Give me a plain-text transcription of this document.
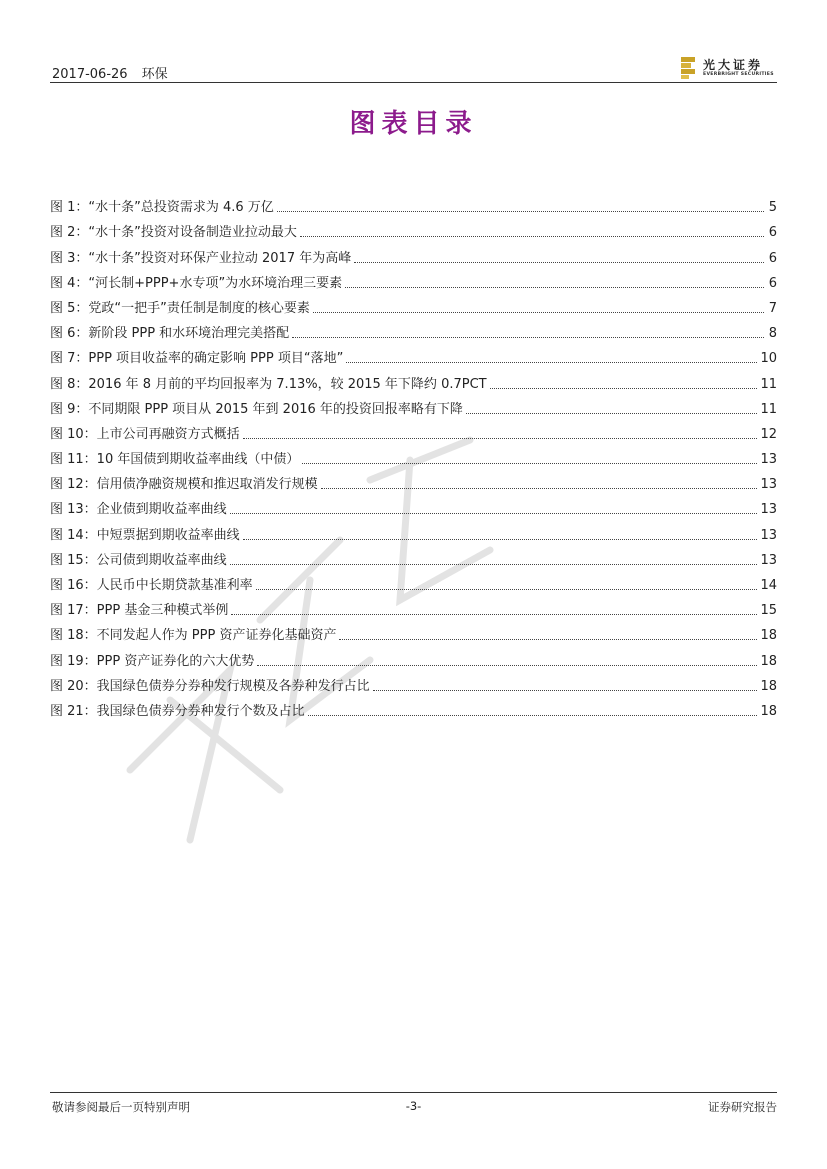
2017-06-26 环保
光大证券
EVERBRIGHT SECURITIES
图表目录
图 1：“水十条”总投资需求为 4.6 万亿	5
图 2：“水十条”投资对设备制造业拉动最大	6
图 3：“水十条”投资对环保产业拉动 2017 年为高峰	6
图 4：“河长制+PPP+水专项”为水环境治理三要素	6
图 5：党政“一把手”责任制是制度的核心要素	7
图 6：新阶段 PPP 和水环境治理完美搭配	8
图 7：PPP 项目收益率的确定影响 PPP 项目“落地”	10
图 8：2016 年 8 月前的平均回报率为 7.13%，较 2015 年下降约 0.7PCT	11
图 9：不同期限 PPP 项目从 2015 年到 2016 年的投资回报率略有下降	11
图 10：上市公司再融资方式概括	12
图 11：10 年国债到期收益率曲线（中债）	13
图 12：信用债净融资规模和推迟取消发行规模	13
图 13：企业债到期收益率曲线	13
图 14：中短票据到期收益率曲线	13
图 15：公司债到期收益率曲线	13
图 16：人民币中长期贷款基准利率	14
图 17：PPP 基金三种模式举例	15
图 18：不同发起人作为 PPP 资产证券化基础资产	18
图 19：PPP 资产证券化的六大优势	18
图 20：我国绿色债券分券种发行规模及各券种发行占比	18
图 21：我国绿色债券分券种发行个数及占比	18
敬请参阅最后一页特别声明	-3-	证券研究报告
